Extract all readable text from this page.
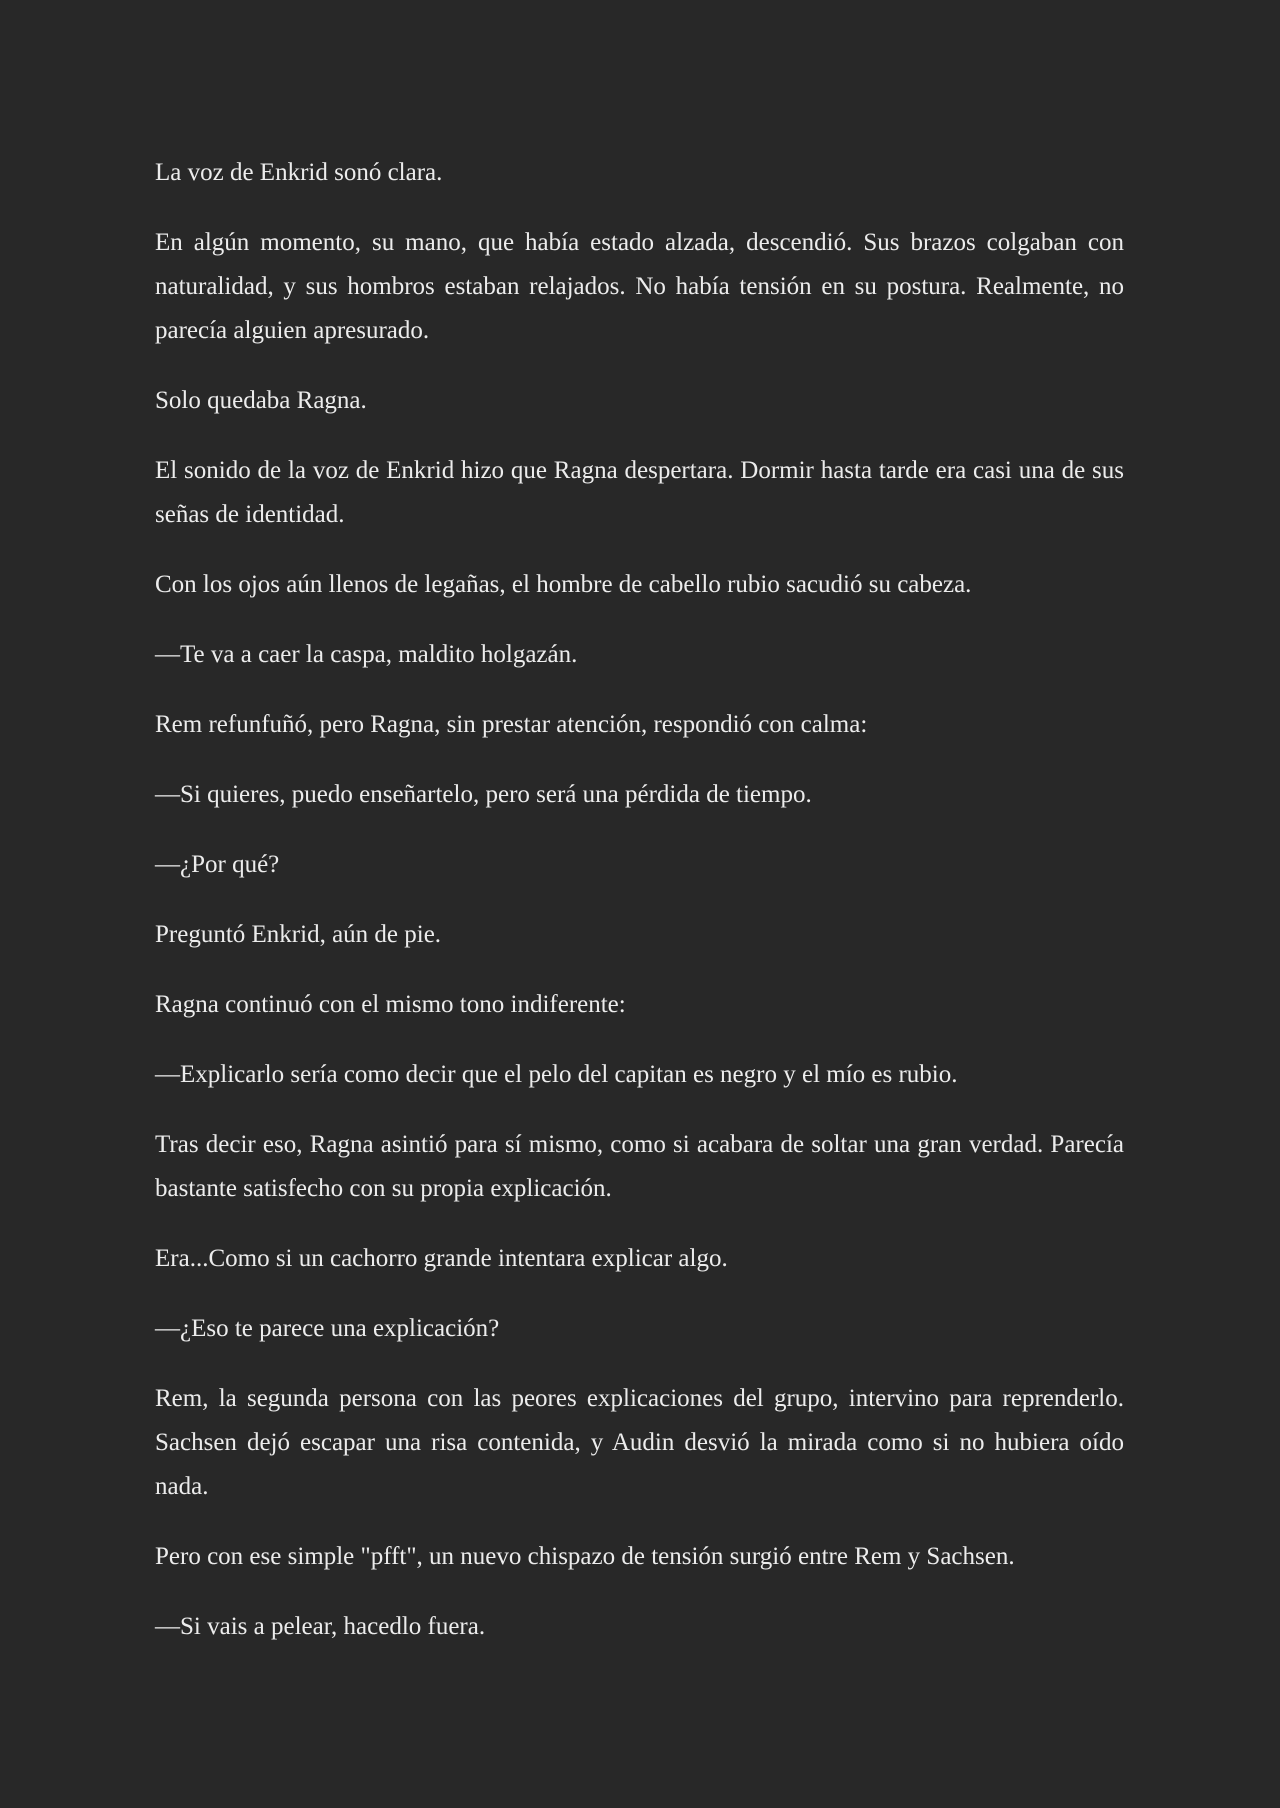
La voz de Enkrid sonó clara.

En algún momento, su mano, que había estado alzada, descendió. Sus brazos colgaban con naturalidad, y sus hombros estaban relajados. No había tensión en su postura. Realmente, no parecía alguien apresurado.

Solo quedaba Ragna.

El sonido de la voz de Enkrid hizo que Ragna despertara. Dormir hasta tarde era casi una de sus señas de identidad.

Con los ojos aún llenos de legañas, el hombre de cabello rubio sacudió su cabeza.

—Te va a caer la caspa, maldito holgazán.

Rem refunfuñó, pero Ragna, sin prestar atención, respondió con calma:

—Si quieres, puedo enseñartelo, pero será una pérdida de tiempo.

—¿Por qué?

Preguntó Enkrid, aún de pie.

Ragna continuó con el mismo tono indiferente:

—Explicarlo sería como decir que el pelo del capitan es negro y el mío es rubio.

Tras decir eso, Ragna asintió para sí mismo, como si acabara de soltar una gran verdad. Parecía bastante satisfecho con su propia explicación.

Era...Como si un cachorro grande intentara explicar algo.

—¿Eso te parece una explicación?

Rem, la segunda persona con las peores explicaciones del grupo, intervino para reprenderlo.  Sachsen dejó escapar una risa contenida, y Audin desvió la mirada como si no hubiera oído nada.

Pero con ese simple "pfft", un nuevo chispazo de tensión surgió entre Rem y Sachsen.

—Si vais a pelear, hacedlo fuera.
